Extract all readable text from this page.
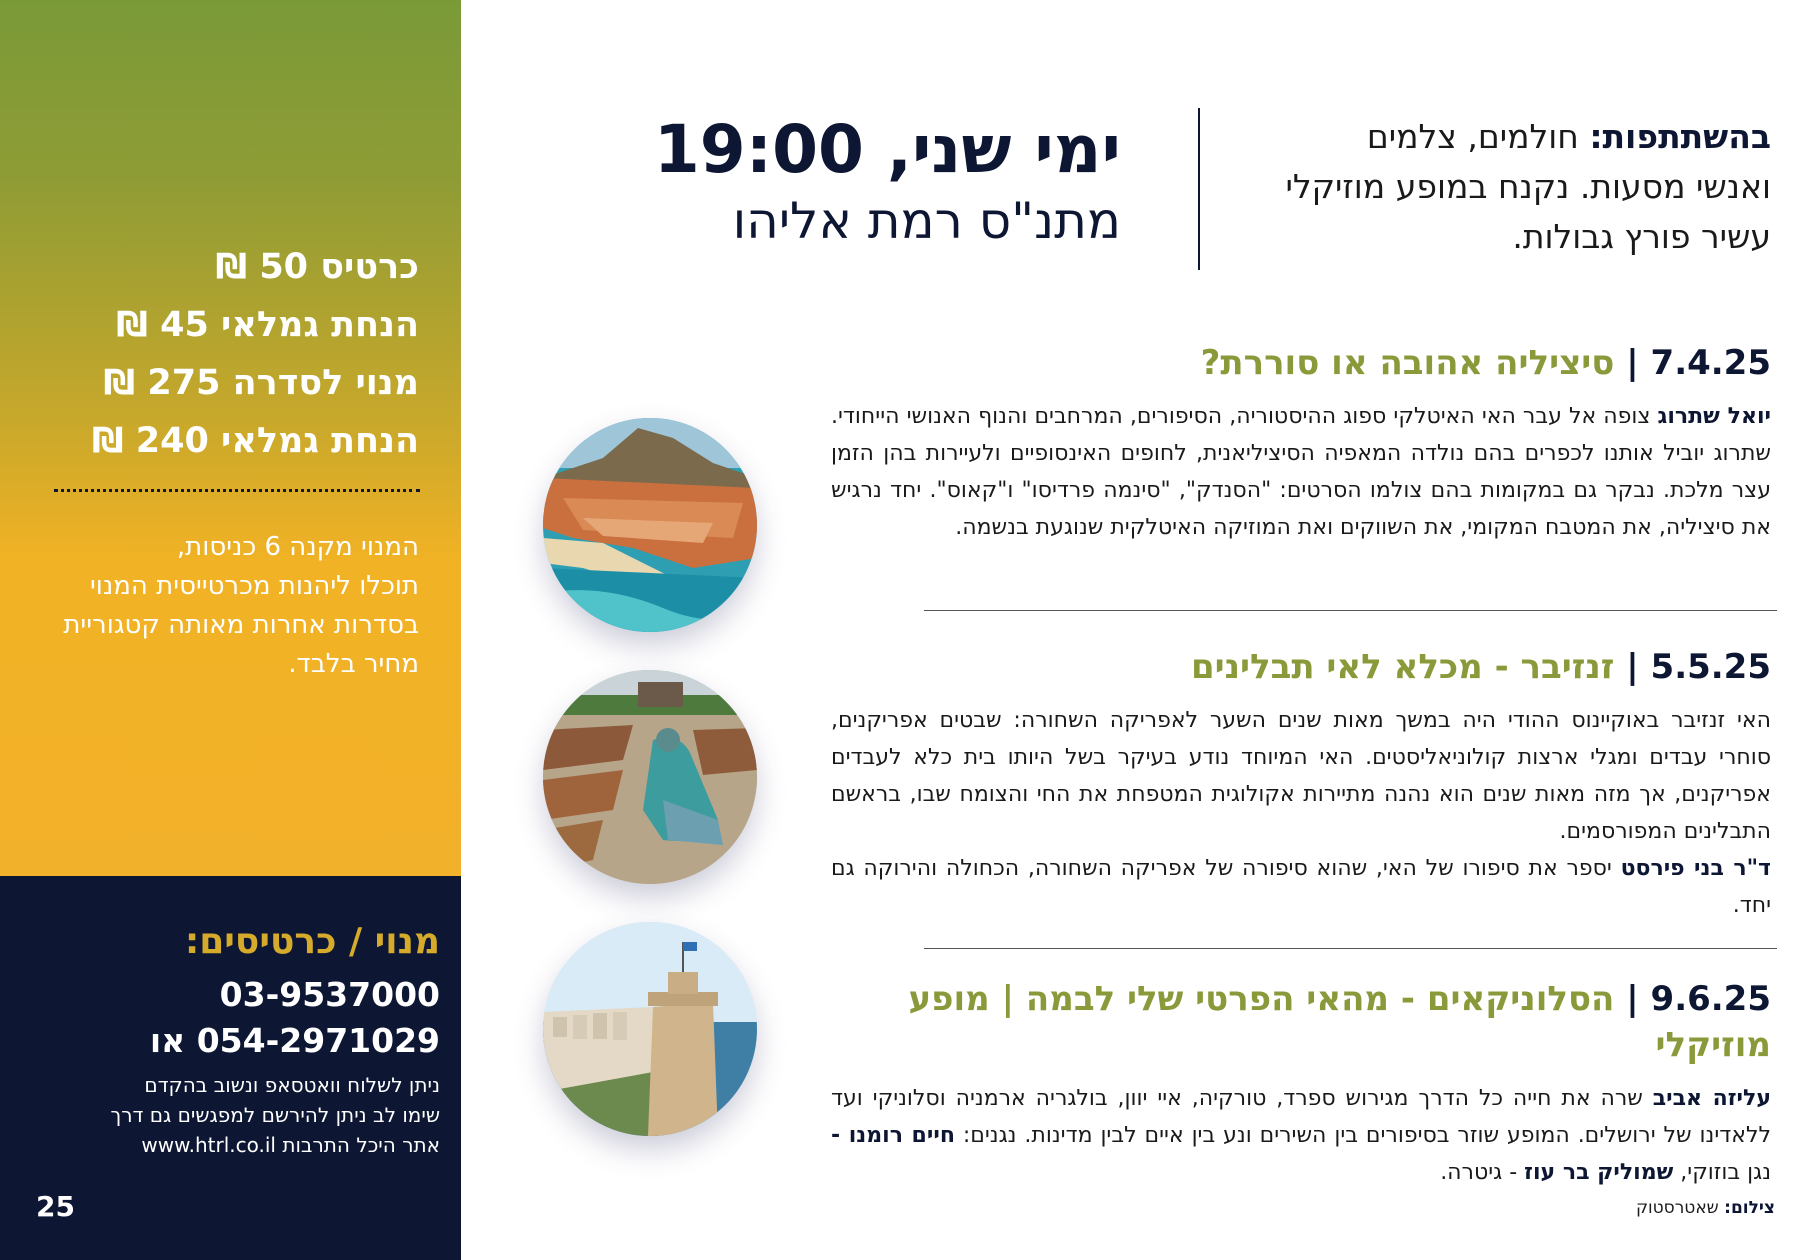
כרטיס 50 ₪

הנחת גמלאי 45 ₪

מנוי לסדרה 275 ₪

הנחת גמלאי 240 ₪

המנוי מקנה 6 כניסות,

תוכלו ליהנות מכרטייסית המנוי

בסדרות אחרות מאותה קטגוריית

מחיר בלבד.

מנוי / כרטיסים:

03-9537000

054-2971029 או

ניתן לשלוח וואטסאפ ונשוב בהקדם

שימו לב ניתן להירשם למפגשים גם דרך

אתר היכל התרבות www.htrl.co.il

25

ימי שני, 19:00

מתנ"ס רמת אליהו

בהשתתפות: חולמים, צלמים

ואנשי מסעות. נקנח במופע מוזיקלי

עשיר פורץ גבולות.

7.4.25 | סיציליה אהובה או סוררת?

יואל שתרוג צופה אל עבר האי האיטלקי ספוג ההיסטוריה, הסיפורים, המרחבים והנוף האנושי הייחודי. שתרוג יוביל אותנו לכפרים בהם נולדה המאפיה הסיציליאנית, לחופים האינסופיים ולעיירות בהן הזמן עצר מלכת. נבקר גם במקומות בהם צולמו הסרטים: "הסנדק", "סינמה פרדיסו" ו"קאוס". יחד נרגיש את סיציליה, את המטבח המקומי, את השווקים ואת המוזיקה האיטלקית שנוגעת בנשמה.

5.5.25 | זנזיבר - מכלא לאי תבלינים

האי זנזיבר באוקיינוס ההודי היה במשך מאות שנים השער לאפריקה השחורה: שבטים אפריקנים, סוחרי עבדים ומגלי ארצות קולוניאליסטים. האי המיוחד נודע בעיקר בשל היותו בית כלא לעבדים אפריקנים, אך מזה מאות שנים הוא נהנה מתיירות אקולוגית המטפחת את החי והצומח שבו, בראשם התבלינים המפורסמים.

ד"ר בני פירסט יספר את סיפורו של האי, שהוא סיפורה של אפריקה השחורה, הכחולה והירוקה גם יחד.

9.6.25 | הסלוניקאים - מהאי הפרטי שלי לבמה | מופע מוזיקלי

עליזה אביב שרה את חייה כל הדרך מגירוש ספרד, טורקיה, איי יוון, בולגריה ארמניה וסלוניקי ועד ללאדינו של ירושלים. המופע שוזר בסיפורים בין השירים ונע בין איים לבין מדינות. נגנים: חיים רומנו - נגן בוזוקי, שמוליק בר עוז - גיטרה.

צילום: שאטרסטוק
